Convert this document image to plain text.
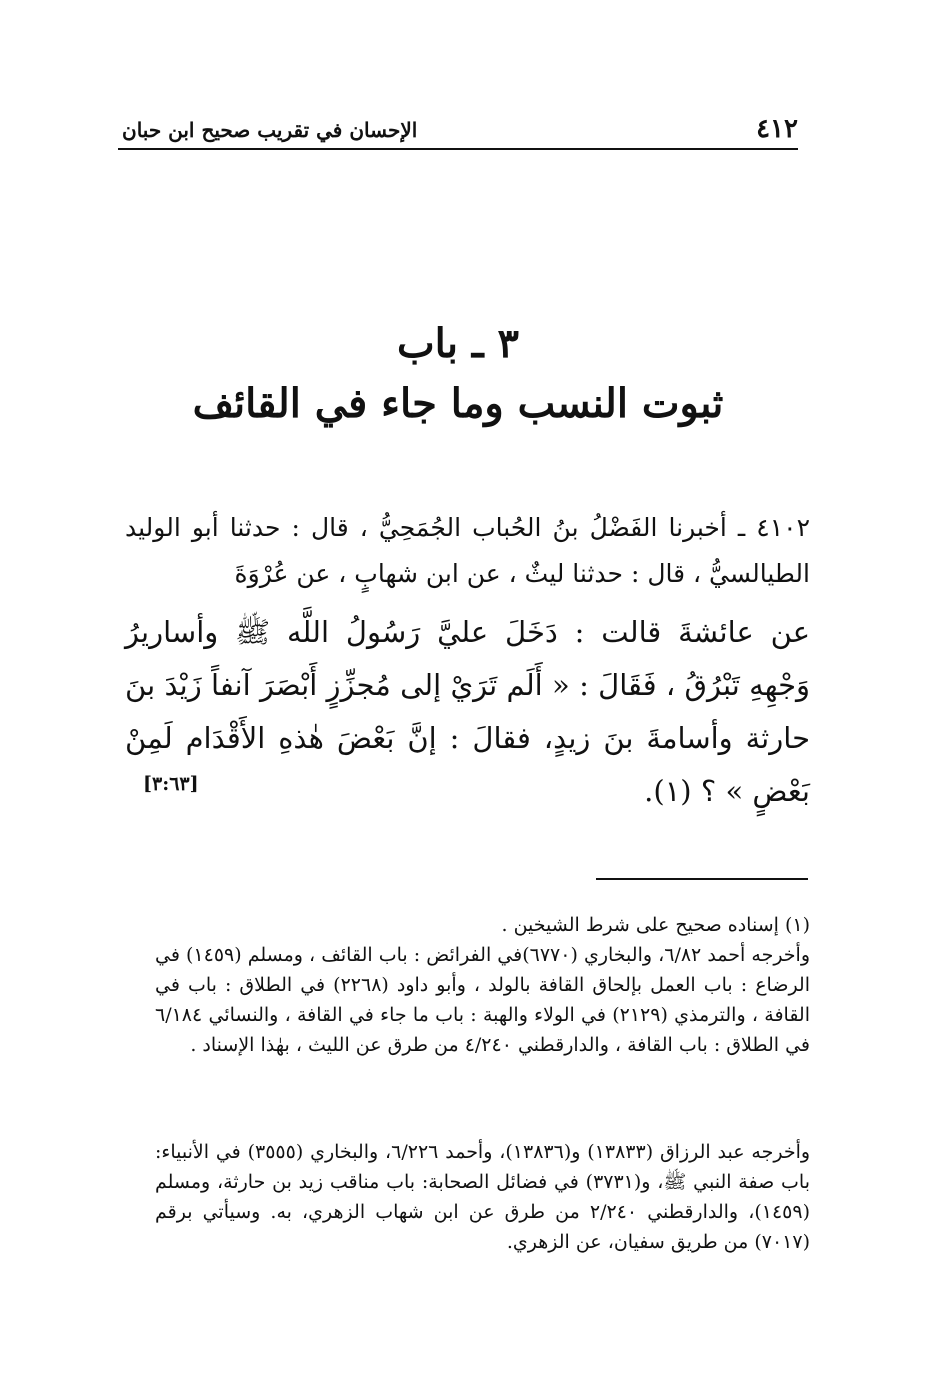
٤١٢
الإحسان في تقريب صحيح ابن حبان
٣ ـ باب
ثبوت النسب وما جاء في القائف

٤١٠٢ ـ أخبرنا الفَضْلُ بنُ الحُباب الجُمَحِيُّ ، قال : حدثنا أبو الوليد الطيالسيُّ ، قال : حدثنا ليثٌ ، عن ابن شهابٍ ، عن عُرْوَةَ

عن عائشةَ قالت : دَخَلَ عليَّ رَسُولُ اللَّه ﷺ وأساريرُ وَجْهِهِ تَبْرُقُ ، فَقَالَ : « أَلَم تَرَيْ إلى مُجزِّزٍ أَبْصَرَ آنفاً زَيْدَ بنَ حارثة وأسامةَ بنَ زيدٍ، فقالَ : إنَّ بَعْضَ هٰذهِ الأَقْدَام لَمِنْ بَعْضٍ » ؟ (١).

[٣:٦٣]

(١) إسناده صحيح على شرط الشيخين .

وأخرجه أحمد ٦/٨٢، والبخاري (٦٧٧٠)في الفرائض : باب القائف ، ومسلم (١٤٥٩) في الرضاع : باب العمل بإلحاق القافة بالولد ، وأبو داود (٢٢٦٨) في الطلاق : باب في القافة ، والترمذي (٢١٢٩) في الولاء والهبة : باب ما جاء في القافة ، والنسائي ٦/١٨٤ في الطلاق : باب القافة ، والدارقطني ٤/٢٤٠ من طرق عن الليث ، بهٰذا الإسناد .

وأخرجه عبد الرزاق (١٣٨٣٣) و(١٣٨٣٦)، وأحمد ٦/٢٢٦، والبخاري (٣٥٥٥) في الأنبياء: باب صفة النبي ﷺ، و(٣٧٣١) في فضائل الصحابة: باب مناقب زيد بن حارثة، ومسلم (١٤٥٩)، والدارقطني ٢/٢٤٠ من طرق عن ابن شهاب الزهري، به. وسيأتي برقم (٧٠١٧) من طريق سفيان، عن الزهري.
